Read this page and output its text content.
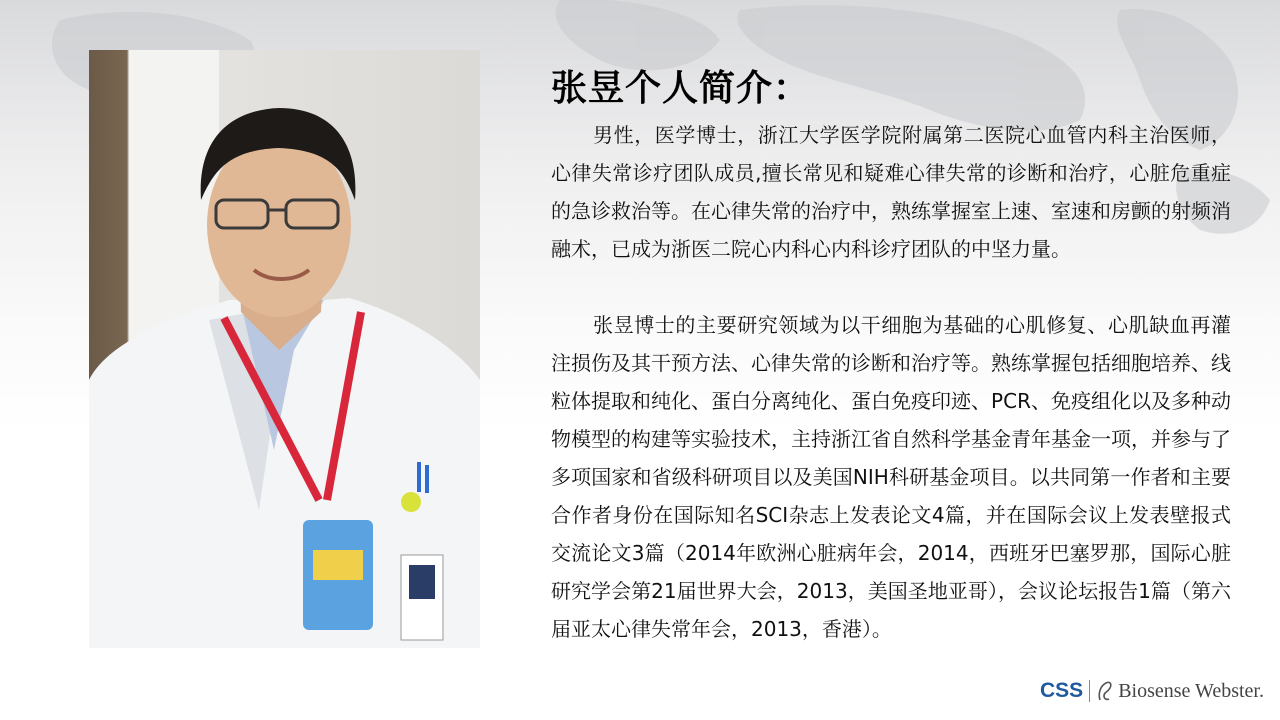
张昱个人简介：
男性，医学博士，浙江大学医学院附属第二医院心血管内科主治医师，心律失常诊疗团队成员,擅长常见和疑难心律失常的诊断和治疗，心脏危重症的急诊救治等。在心律失常的治疗中，熟练掌握室上速、室速和房颤的射频消融术，已成为浙医二院心内科心内科诊疗团队的中坚力量。
张昱博士的主要研究领域为以干细胞为基础的心肌修复、心肌缺血再灌注损伤及其干预方法、心律失常的诊断和治疗等。熟练掌握包括细胞培养、线粒体提取和纯化、蛋白分离纯化、蛋白免疫印迹、PCR、免疫组化以及多种动物模型的构建等实验技术，主持浙江省自然科学基金青年基金一项，并参与了多项国家和省级科研项目以及美国NIH科研基金项目。以共同第一作者和主要合作者身份在国际知名SCI杂志上发表论文4篇，并在国际会议上发表壁报式交流论文3篇（2014年欧洲心脏病年会，2014，西班牙巴塞罗那，国际心脏研究学会第21届世界大会，2013，美国圣地亚哥），会议论坛报告1篇（第六届亚太心律失常年会，2013，香港）。
CSS Biosense Webster.
